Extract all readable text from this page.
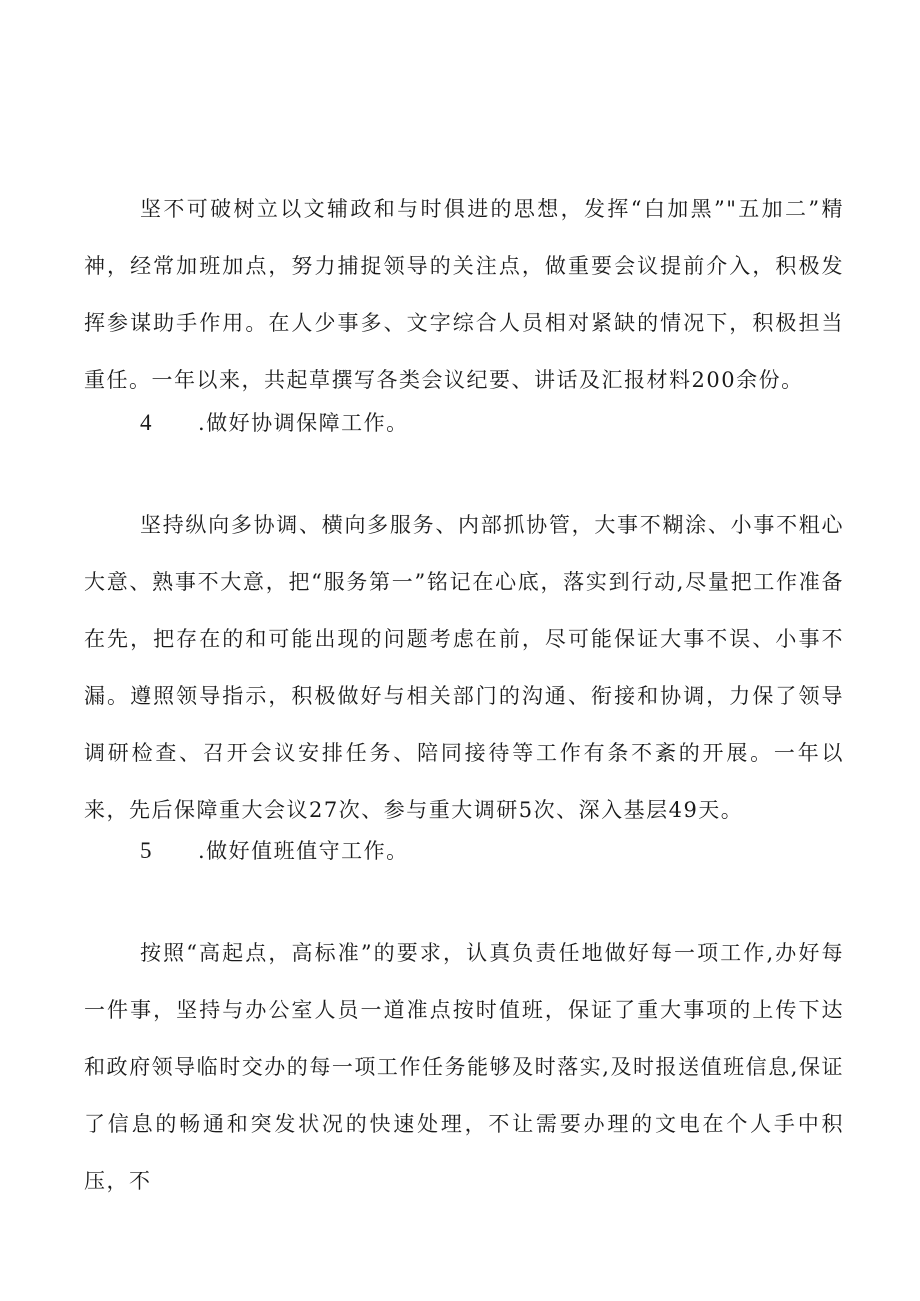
坚不可破树立以文辅政和与时俱进的思想，发挥“白加黑”"五加二”精神，经常加班加点，努力捕捉领导的关注点，做重要会议提前介入，积极发挥参谋助手作用。在人少事多、文字综合人员相对紧缺的情况下，积极担当重任。一年以来，共起草撰写各类会议纪要、讲话及汇报材料200余份。

4 .做好协调保障工作。

坚持纵向多协调、横向多服务、内部抓协管，大事不糊涂、小事不粗心大意、熟事不大意，把“服务第一”铭记在心底，落实到行动,尽量把工作准备在先，把存在的和可能出现的问题考虑在前，尽可能保证大事不误、小事不漏。遵照领导指示，积极做好与相关部门的沟通、衔接和协调，力保了领导调研检查、召开会议安排任务、陪同接待等工作有条不紊的开展。一年以来，先后保障重大会议27次、参与重大调研5次、深入基层49天。

5 .做好值班值守工作。

按照“高起点，高标准”的要求，认真负责任地做好每一项工作,办好每一件事，坚持与办公室人员一道准点按时值班，保证了重大事项的上传下达和政府领导临时交办的每一项工作任务能够及时落实,及时报送值班信息,保证了信息的畅通和突发状况的快速处理，不让需要办理的文电在个人手中积压，不
